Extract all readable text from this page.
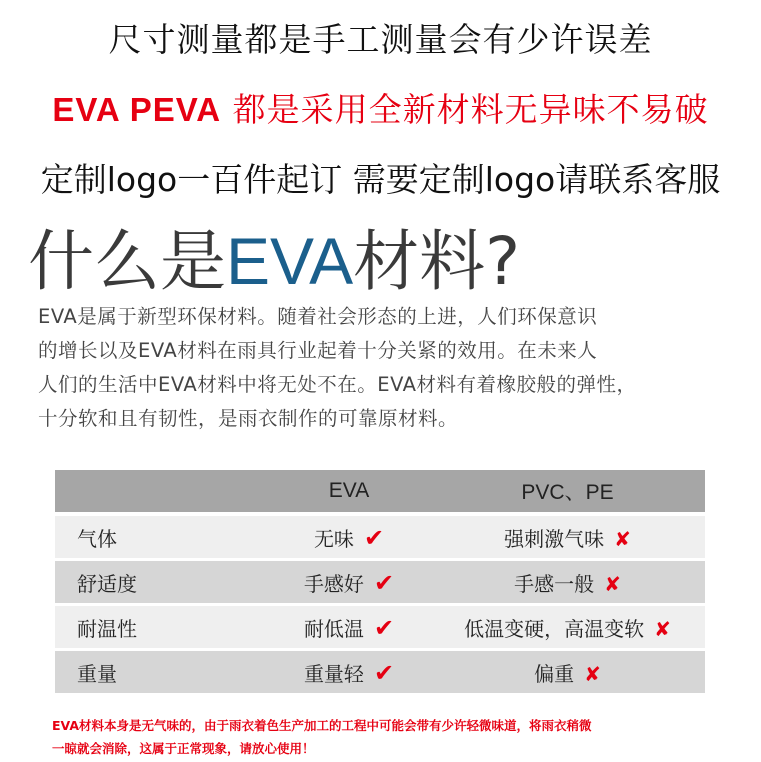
尺寸测量都是手工测量会有少许误差
EVA PEVA 都是采用全新材料无异味不易破
定制logo一百件起订 需要定制logo请联系客服
什么是EVA材料?
EVA是属于新型环保材料。随着社会形态的上进，人们环保意识
的增长以及EVA材料在雨具行业起着十分关紧的效用。在未来人
人们的生活中EVA材料中将无处不在。EVA材料有着橡胶般的弹性，
十分软和且有韧性，是雨衣制作的可靠原材料。
	EVA	PVC、PE
气体	无味 ✔	强刺激气味 ✘
舒适度	手感好 ✔	手感一般 ✘
耐温性	耐低温 ✔	低温变硬，高温变软 ✘
重量	重量轻 ✔	偏重 ✘
EVA材料本身是无气味的，由于雨衣着色生产加工的工程中可能会带有少许轻微味道，将雨衣稍微
一晾就会消除，这属于正常现象，请放心使用！
